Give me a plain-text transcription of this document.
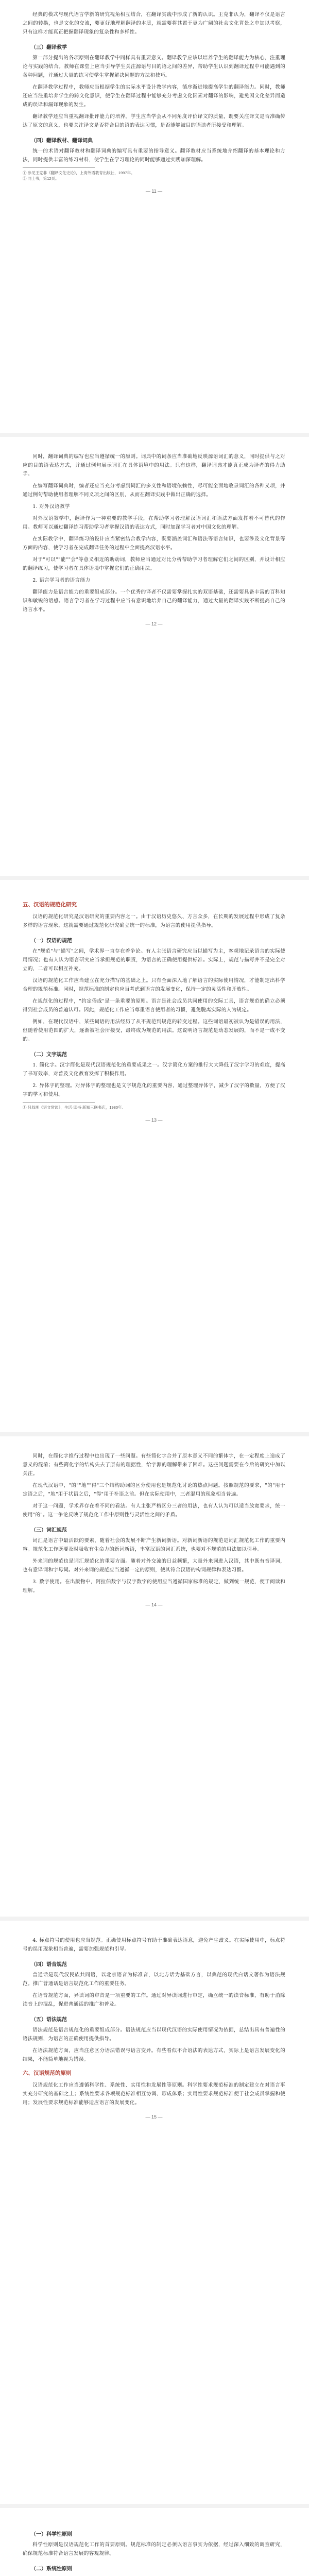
经典的模式与现代语言学新的研究视角相互结合，在翻译实践中形成了新的认识。王克非认为，翻译不仅是语言之间的转换，也是文化的交流，要更好地理解翻译的本质，就需要将其置于更为广阔的社会文化背景之中加以考察，只有这样才能真正把握翻译现象的复杂性和多样性。

（三）翻译教学

第一部分提出的各项原则在翻译教学中同样具有重要意义。翻译教学应该以培养学生的翻译能力为核心，注重理论与实践的结合。教师在课堂上应当引导学生关注源语与目的语之间的差异，帮助学生认识到翻译过程中可能遇到的各种问题，并通过大量的练习使学生掌握解决问题的方法和技巧。

在翻译教学过程中，教师应当根据学生的实际水平设计教学内容，循序渐进地提高学生的翻译能力。同时，教师还应当注重培养学生的跨文化意识，使学生在翻译过程中能够充分考虑文化因素对翻译的影响，避免因文化差异而造成的误译和漏译现象的发生。

翻译教学还应当重视翻译批评能力的培养。学生应当学会从不同角度评价译文的质量，既要关注译文是否准确传达了原文的意义，也要关注译文是否符合目的语的表达习惯，是否能够被目的语读者所接受和理解。

（四）翻译教材、翻译词典

统一的术语对翻译教材和翻译词典的编写具有重要的指导意义。翻译教材应当系统地介绍翻译的基本理论和方法，同时提供丰富的练习材料，使学生在学习理论的同时能够通过实践加深理解。

① 参见王克非《翻译文化史论》，上海外语教育出版社，1997年。
② 同上书，第12页。
— 11 —

同时，翻译词典的编写也应当遵循统一的原则。词典中的词条应当准确地反映源语词汇的意义，同时提供与之对应的目的语表达方式，并通过例句展示词汇在具体语境中的用法。只有这样，翻译词典才能真正成为译者的得力助手。

在编写翻译词典时，编者还应当充分考虑到词汇的多义性和语境依赖性，尽可能全面地收录词汇的各种义项，并通过例句帮助使用者理解不同义项之间的区别，从而在翻译实践中做出正确的选择。

1. 对外汉语教学

对外汉语教学中，翻译作为一种重要的教学手段，在帮助学习者理解汉语词汇和语法方面发挥着不可替代的作用。教师可以通过翻译练习帮助学习者掌握汉语的表达方式，同时加深学习者对中国文化的理解。

在实际教学中，翻译练习的设计应当紧密结合教学内容，既要涵盖词汇和语法等语言知识，也要涉及文化背景等方面的内容，使学习者在完成翻译任务的过程中全面提高汉语水平。

对于"可以""能""会"等意义相近的助动词，教师应当通过对比分析帮助学习者理解它们之间的区别，并设计相应的翻译练习，使学习者在具体语境中掌握它们的正确用法。

2. 语言学习者的语言能力

翻译能力是语言能力的重要组成部分。一个优秀的译者不仅需要掌握扎实的双语基础，还需要具备丰富的百科知识和敏锐的语感。语言学习者在学习过程中应当有意识地培养自己的翻译能力，通过大量的翻译实践不断提高自己的语言水平。

— 12 —
五、汉语的规范化研究

汉语的规范化研究是汉语研究的重要内容之一。由于汉语历史悠久、方言众多，在长期的发展过程中形成了复杂多样的语言现象，这就需要通过规范化研究确立统一的标准，为语言的使用提供指导。

（一）汉语的规范

在"规范"与"描写"之间，学术界一直存在着争论。有人主张语言研究应当以描写为主，客观地记录语言的实际使用情况；也有人认为语言研究应当承担规范的职责，为语言的正确使用提供标准。实际上，规范与描写并不是完全对立的，二者可以相互补充。

汉语的规范化工作应当建立在充分描写的基础之上。只有全面深入地了解语言的实际使用情况，才能制定出科学合理的规范标准。同时，规范标准的制定也应当考虑到语言的发展变化，保持一定的灵活性和开放性。

在规范化的过程中，"约定俗成"是一条重要的原则。语言是社会成员共同使用的交际工具，语言规范的确立必须得到社会成员的普遍认可。因此，规范化工作应当尊重语言使用者的习惯，避免脱离实际的人为规定。

例如，在现代汉语中，某些词语的用法经历了从不规范到规范的转变过程。这些词语最初被认为是错误的用法，但随着使用范围的扩大，逐渐被社会所接受，最终成为规范的用法。这说明语言规范是动态发展的，而不是一成不变的。

（二）文字规范

1. 简化字。汉字简化是现代汉语规范化的重要成果之一。汉字简化方案的推行大大降低了汉字学习的难度，提高了书写效率，对普及文化教育发挥了积极作用。

2. 异体字的整理。对异体字的整理也是文字规范化的重要内容，通过整理异体字，减少了汉字的数量，方便了汉字的学习和使用。

① 吕叔湘《语文常谈》，生活·读书·新知三联书店，1980年。
— 13 —

同时，在简化字推行过程中也出现了一些问题。有些简化字合并了原本意义不同的繁体字，在一定程度上造成了意义的混淆；有些简化字的结构失去了原有的理据性，给字源的理解带来了困难。这些问题需要在今后的研究中加以关注。

在现代汉语中，"的""地""得"三个结构助词的区分使用也是规范化讨论的热点问题。按照规范的要求，"的"用于定语之后，"地"用于状语之后，"得"用于补语之前。但在实际使用中，三者混用的现象相当普遍。

对于这一问题，学术界存在着不同的看法。有人主张严格区分三者的用法，也有人认为可以适当放宽要求，统一使用"的"。这一争论反映了规范化工作中原则性与灵活性之间的矛盾。

（三）词汇规范

词汇是语言中最活跃的要素，随着社会的发展不断产生新词新语。对新词新语的规范是词汇规范化工作的重要内容。规范化工作既要及时吸收有生命力的新词新语，丰富汉语的词汇系统，也要对不规范的用法加以引导。

外来词的规范也是词汇规范化的重要方面。随着对外交流的日益频繁，大量外来词进入汉语，其中既有音译词，也有意译词和字母词。对外来词的规范应当遵循一定的原则，使其符合汉语的构词规律和表达习惯。

3. 数字使用。在出版物中，阿拉伯数字与汉字数字的使用应当遵循国家标准的规定，做到统一规范，便于阅读和理解。

— 14 —

4. 标点符号的使用也应当规范。正确使用标点符号有助于准确表达语意，避免产生歧义。在实际使用中，标点符号的误用现象相当普遍，需要加强规范和引导。

（四）语音规范

普通话是现代汉民族共同语，以北京语音为标准音，以北方话为基础方言，以典范的现代白话文著作为语法规范。推广普通话是语言规范化工作的重要任务。

在语音规范方面，异读词的审音是一项重要的工作。通过对异读词进行审定，确立统一的读音标准，有助于消除读音上的混乱，促进普通话的推广和普及。

（五）语法规范

语法规范是语言规范化的重要组成部分。语法规范应当以现代汉语的实际使用情况为依据，总结出具有普遍性的语法规则，为语言的正确使用提供指导。

在语法规范方面，应当注意区分语法错误与语言变异。有些看似不合语法的表达方式，实际上是语言发展变化的结果，不能简单地视为错误。

六、汉语规范的原则

汉语规范化工作应当遵循科学性、系统性、实用性和发展性等原则。科学性要求规范标准的制定建立在对语言事实充分研究的基础之上；系统性要求各项规范标准相互协调、形成体系；实用性要求规范标准便于社会成员掌握和使用；发展性要求规范标准能够适应语言的发展变化。

— 15 —
（一）科学性原则

科学性原则是汉语规范化工作的首要原则。规范标准的制定必须以语言事实为依据，经过深入细致的调查研究，确保规范标准符合语言发展的客观规律。

（二）系统性原则
